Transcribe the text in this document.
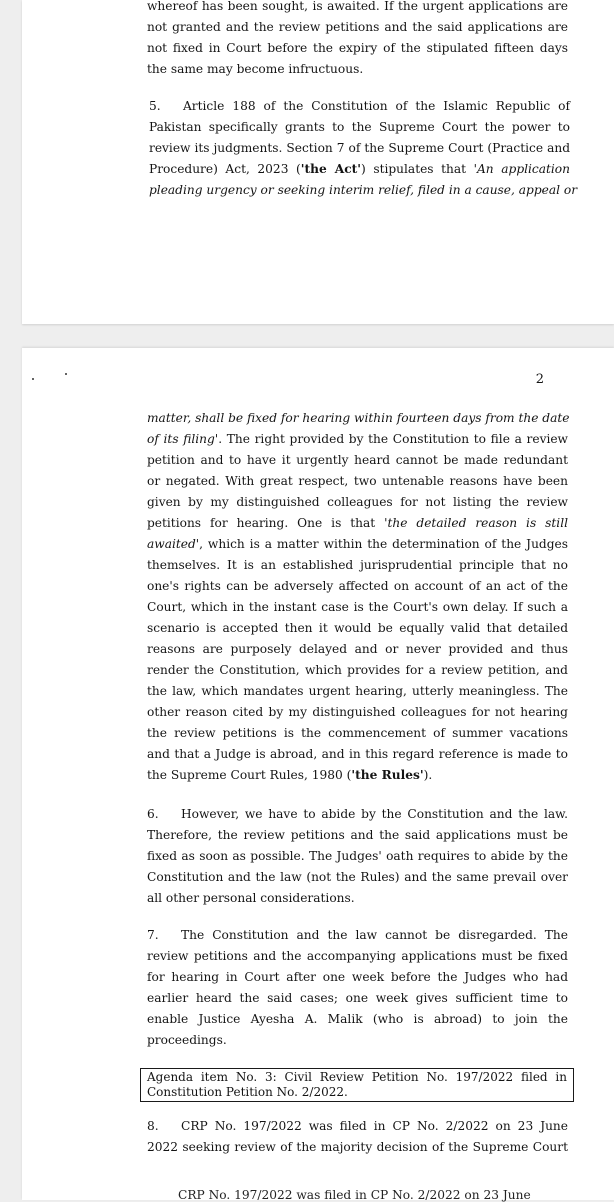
whereof has been sought, is awaited. If the urgent applications are
not granted and the review petitions and the said applications are
not fixed in Court before the expiry of the stipulated fifteen days
the same may become infructuous.
5. Article 188 of the Constitution of the Islamic Republic of
Pakistan specifically grants to the Supreme Court the power to
review its judgments. Section 7 of the Supreme Court (Practice and
Procedure) Act, 2023 ('the Act') stipulates that 'An application
pleading urgency or seeking interim relief, filed in a cause, appeal or
2
matter, shall be fixed for hearing within fourteen days from the date
of its filing'. The right provided by the Constitution to file a review
petition and to have it urgently heard cannot be made redundant
or negated. With great respect, two untenable reasons have been
given by my distinguished colleagues for not listing the review
petitions for hearing. One is that 'the detailed reason is still
awaited', which is a matter within the determination of the Judges
themselves. It is an established jurisprudential principle that no
one's rights can be adversely affected on account of an act of the
Court, which in the instant case is the Court's own delay. If such a
scenario is accepted then it would be equally valid that detailed
reasons are purposely delayed and or never provided and thus
render the Constitution, which provides for a review petition, and
the law, which mandates urgent hearing, utterly meaningless. The
other reason cited by my distinguished colleagues for not hearing
the review petitions is the commencement of summer vacations
and that a Judge is abroad, and in this regard reference is made to
the Supreme Court Rules, 1980 ('the Rules').
6. However, we have to abide by the Constitution and the law.
Therefore, the review petitions and the said applications must be
fixed as soon as possible. The Judges' oath requires to abide by the
Constitution and the law (not the Rules) and the same prevail over
all other personal considerations.
7. The Constitution and the law cannot be disregarded. The
review petitions and the accompanying applications must be fixed
for hearing in Court after one week before the Judges who had
earlier heard the said cases; one week gives sufficient time to
enable Justice Ayesha A. Malik (who is abroad) to join the
proceedings.
Agenda item No. 3: Civil Review Petition No. 197/2022 filed in
Constitution Petition No. 2/2022.
8. CRP No. 197/2022 was filed in CP No. 2/2022 on 23 June
2022 seeking review of the majority decision of the Supreme Court
CRP No. 197/2022 was filed in CP No. 2/2022 on 23 June
